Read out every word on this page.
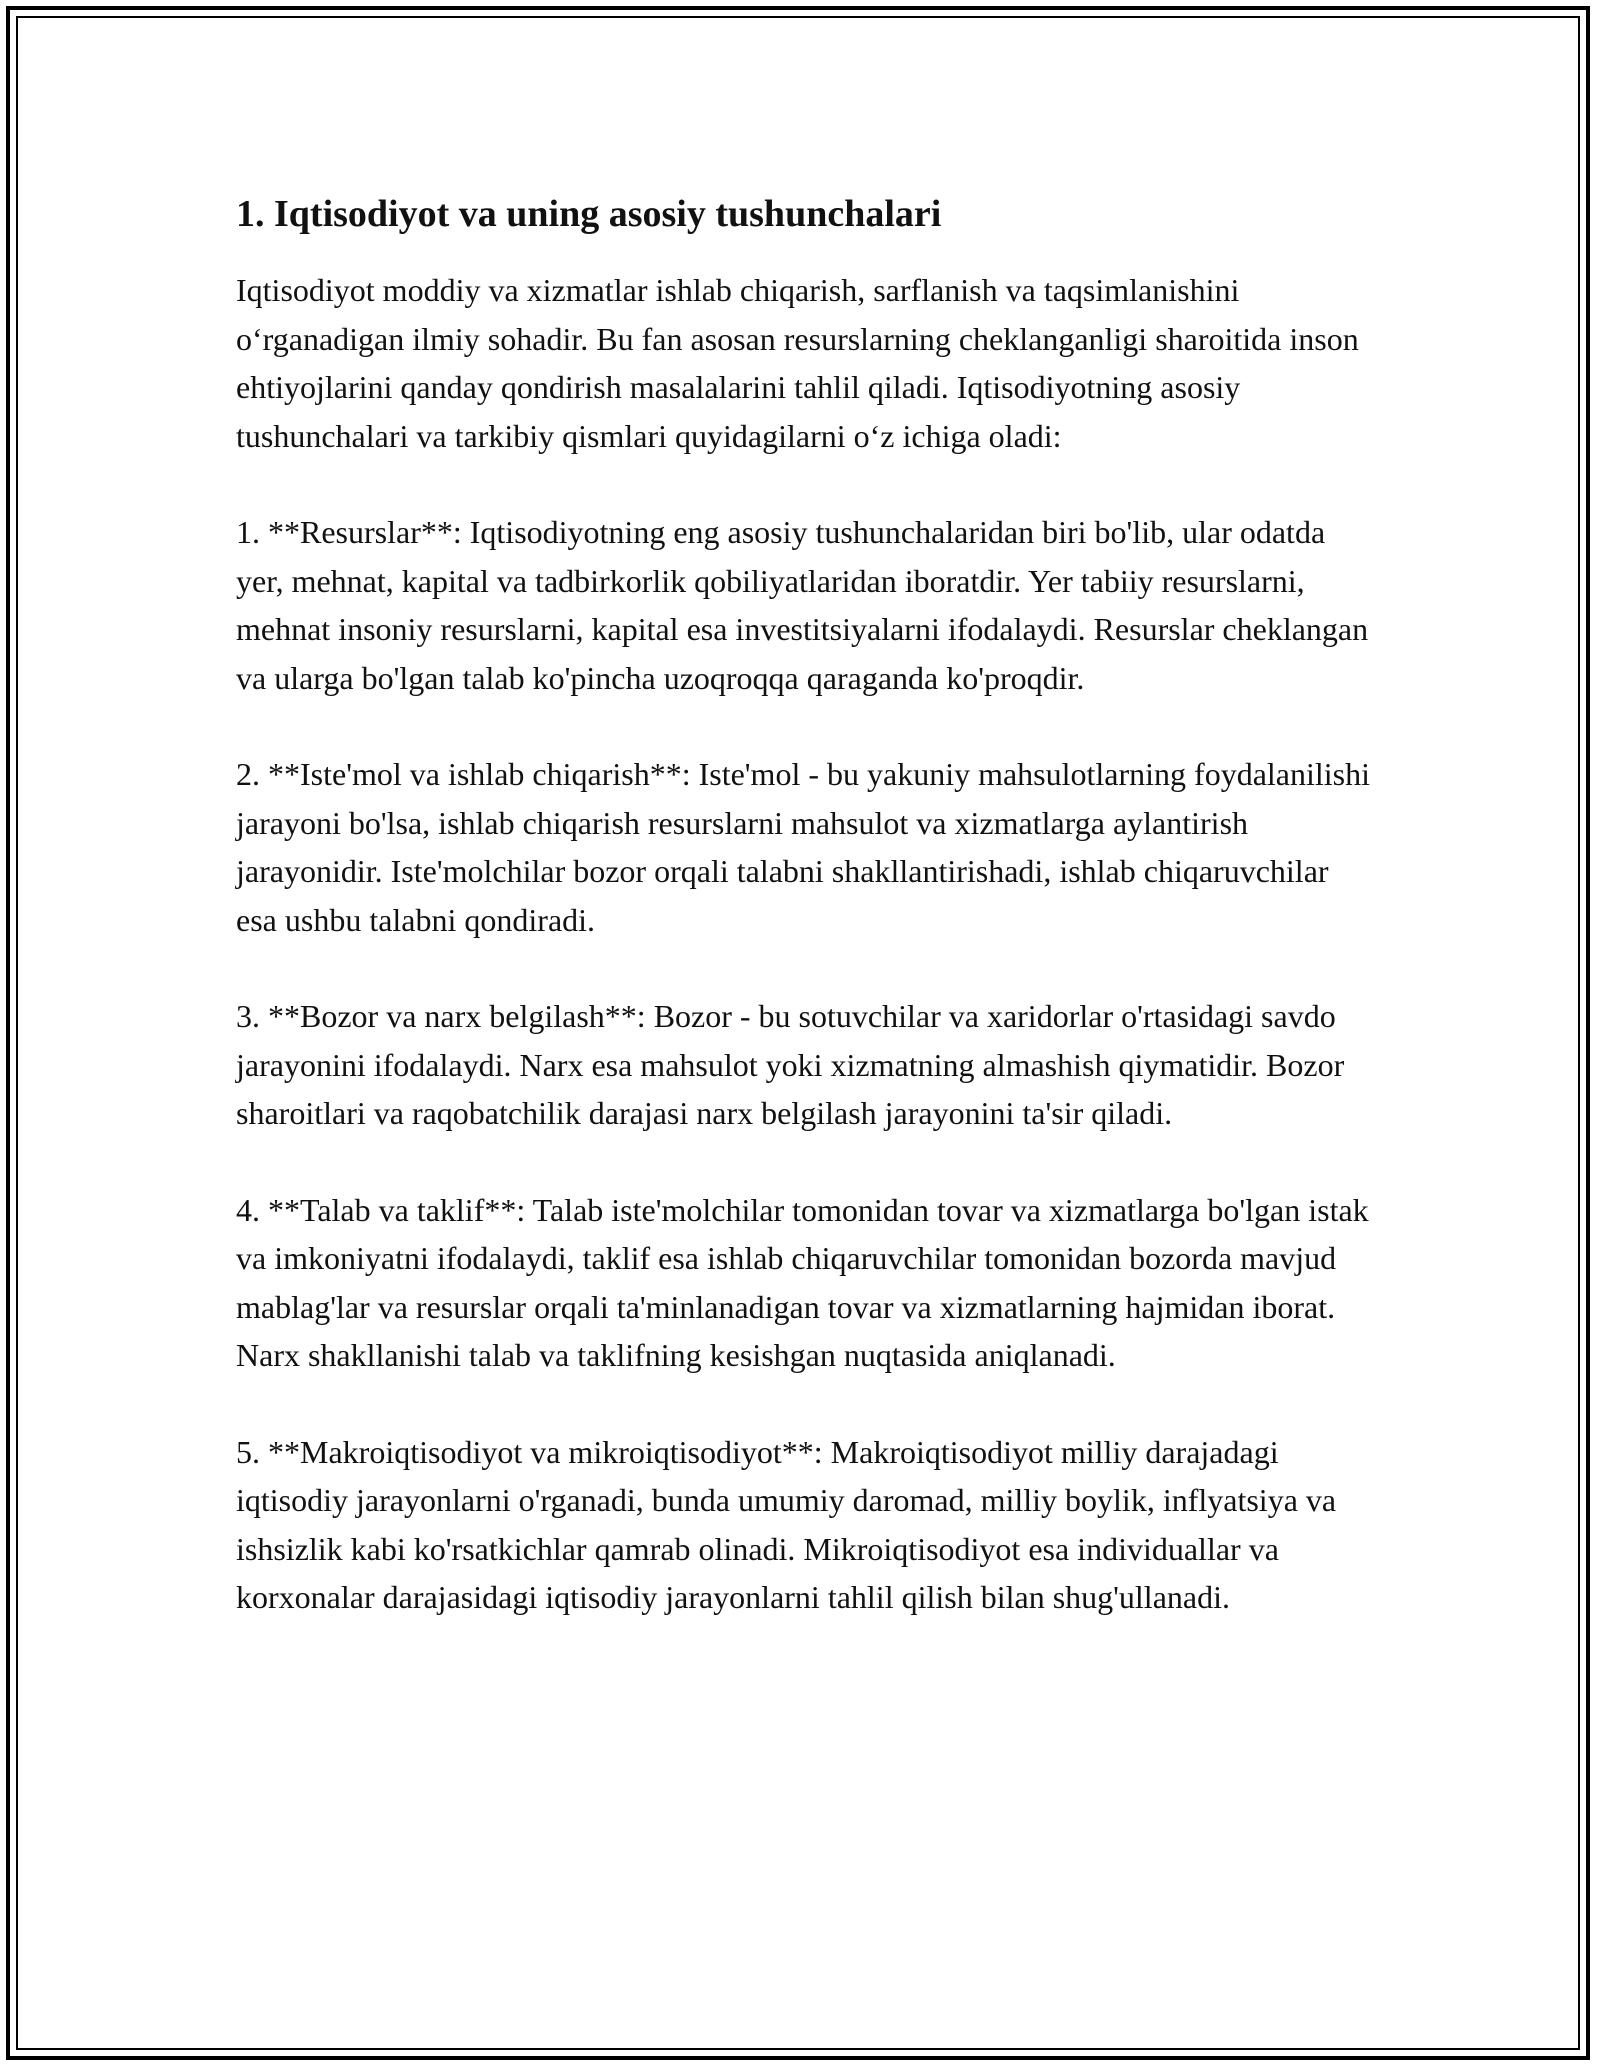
1. Iqtisodiyot va uning asosiy tushunchalari

Iqtisodiyot moddiy va xizmatlar ishlab chiqarish, sarflanish va taqsimlanishini o‘rganadigan ilmiy sohadir. Bu fan asosan resurslarning cheklanganligi sharoitida inson ehtiyojlarini qanday qondirish masalalarini tahlil qiladi. Iqtisodiyotning asosiy tushunchalari va tarkibiy qismlari quyidagilarni o‘z ichiga oladi:

1. **Resurslar**: Iqtisodiyotning eng asosiy tushunchalaridan biri bo'lib, ular odatda yer, mehnat, kapital va tadbirkorlik qobiliyatlaridan iboratdir. Yer tabiiy resurslarni, mehnat insoniy resurslarni, kapital esa investitsiyalarni ifodalaydi. Resurslar cheklangan va ularga bo'lgan talab ko'pincha uzoqroqqa qaraganda ko'proqdir.

2. **Iste'mol va ishlab chiqarish**: Iste'mol - bu yakuniy mahsulotlarning foydalanilishi jarayoni bo'lsa, ishlab chiqarish resurslarni mahsulot va xizmatlarga aylantirish jarayonidir. Iste'molchilar bozor orqali talabni shakllantirishadi, ishlab chiqaruvchilar esa ushbu talabni qondiradi.

3. **Bozor va narx belgilash**: Bozor - bu sotuvchilar va xaridorlar o'rtasidagi savdo jarayonini ifodalaydi. Narx esa mahsulot yoki xizmatning almashish qiymatidir. Bozor sharoitlari va raqobatchilik darajasi narx belgilash jarayonini ta'sir qiladi.

4. **Talab va taklif**: Talab iste'molchilar tomonidan tovar va xizmatlarga bo'lgan istak va imkoniyatni ifodalaydi, taklif esa ishlab chiqaruvchilar tomonidan bozorda mavjud mablag'lar va resurslar orqali ta'minlanadigan tovar va xizmatlarning hajmidan iborat. Narx shakllanishi talab va taklifning kesishgan nuqtasida aniqlanadi.

5. **Makroiqtisodiyot va mikroiqtisodiyot**: Makroiqtisodiyot milliy darajadagi iqtisodiy jarayonlarni o'rganadi, bunda umumiy daromad, milliy boylik, inflyatsiya va ishsizlik kabi ko'rsatkichlar qamrab olinadi. Mikroiqtisodiyot esa individuallar va korxonalar darajasidagi iqtisodiy jarayonlarni tahlil qilish bilan shug'ullanadi.
